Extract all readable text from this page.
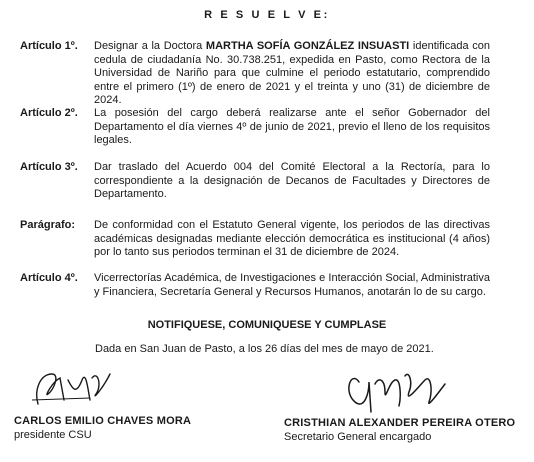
R E S U E L V E:
Artículo 1º.	Designar a la Doctora MARTHA SOFÍA GONZÁLEZ INSUASTI identificada con cedula de ciudadanía No. 30.738.251, expedida en Pasto, como Rectora de la Universidad de Nariño para que culmine el periodo estatutario, comprendido entre el primero (1º) de enero de 2021 y el treinta y uno (31) de diciembre de 2024.
Artículo 2º.	La posesión del cargo deberá realizarse ante el señor Gobernador del Departamento el día viernes 4º de junio de 2021, previo el lleno de los requisitos legales.
Artículo 3º.	Dar traslado del Acuerdo 004 del Comité Electoral a la Rectoría, para lo correspondiente a la designación de Decanos de Facultades y Directores de Departamento.
Parágrafo:	De conformidad con el Estatuto General vigente, los periodos de las directivas académicas designadas mediante elección democrática es institucional (4 años) por lo tanto sus periodos terminan el 31 de diciembre de 2024.
Artículo 4º.	Vicerrectorías Académica, de Investigaciones e Interacción Social, Administrativa y Financiera, Secretaría General y Recursos Humanos, anotarán lo de su cargo.
NOTIFIQUESE, COMUNIQUESE Y CUMPLASE
Dada en San Juan de Pasto, a los 26 días del mes de mayo de 2021.
CARLOS EMILIO CHAVES MORA
presidente CSU
CRISTHIAN ALEXANDER PEREIRA OTERO
Secretario General encargado
